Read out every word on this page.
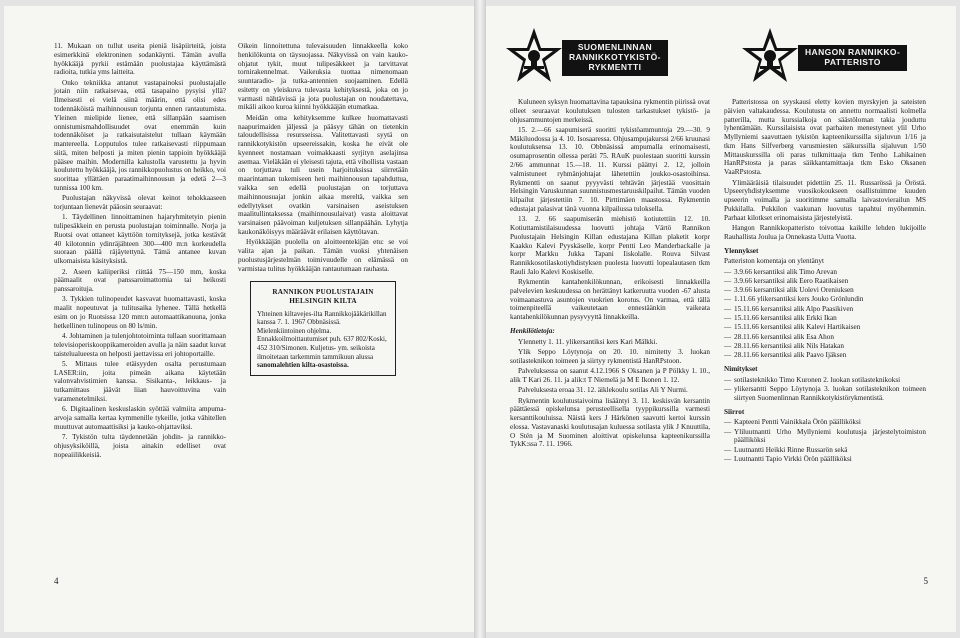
11. Mukaan on tullut useita pieniä lisäpiirteitä, joista esimerkkinä elektroninen sodankäynti. Tämän avulla hyökkääjä pyrkii estämään puolustajaa käyttämästä radioita, tutkia yms laitteita.

Onko tekniikka antanut vastapainoksi puolustajalle jotain niin ratkaisevaa, että tasapaino pysyisi yllä? Ilmeisesti ei vielä siinä määrin, että olisi edes todennäköistä maihinnousun torjunta ennen rantautumista. Yleinen mielipide lienee, että sillanpään saamisen onnistumismahdollisuudet ovat enemmän kuin todennäköiset ja ratkaisutaistelut tullaan käymään mantereella. Lopputulos tulee ratkaisevasti riippumaan siitä, miten helposti ja miten pienin tappioin hyökkääjä pääsee maihin. Modernilla kalustolla varustettu ja hyvin koulutettu hyökkääjä, jos rannikkopuolustus on heikko, voi suorittaa yllättäen paraatimaihinnousun ja edetä 2—3 tunnissa 100 km.

Puolustajan näkyvissä olevat keinot tehokkaaseen torjuntaan lienevät pääosin seuraavat:

1. Täydellinen linnoittaminen hajaryhmitetyin pienin tulipesäkkein en perusta puolustajan toiminnalle. Norja ja Ruotsi ovat ottaneet käyttöön tornityksejä, jotka kestävät 40 kilotonnin ydinräjähteen 300—400 m:n korkeudella suoraan päällä räjäytettynä. Tämä antanee kuvan ulkomaisista käsityksistä.

2. Aseen kaliiperiksi riittää 75—150 mm, koska päämaalit ovat panssaroimattomia tai heikosti panssaroituja.

3. Tykkien tulinopeudet kasvavat huomattavasti, koska maalit nopeutuvat ja tulitusaika lyhenee. Tällä hetkellä esim on jo Ruotsissa 120 mm:n automaattikanuuna, jonka hetkellinen tulinopeus on 80 ls/min.

4. Johtaminen ja tulenjohtotoiminta tullaan suorittamaan televisioperiskooppikameroiden avulla ja näin saadut kuvat taistelualueesta on helposti jaettavissa eri johtoportaille.

5. Mittaus tulee etäisyyden osalta perustumaan LASER:iin, joita pimeän aikana käytetään valonvahvistimien kanssa. Sisikanta-, leikkaus- ja tutkamittaus jäävät liian hauvoittuvina vain varamenetelmiksi.

6. Digitaalinen keskuslaskin syöttää valmiita ampuma-arvoja samalla kertaa kymmenille tykeille, jotka vähitellen muuttuvat automaattisiksi ja kauko-ohjattaviksi.

7. Tykistön tulta täydennetään johdin- ja rannikko-ohjusyksiköillä, joista ainakin edelliset ovat nopeaiilikkeisiä.

Oikein linnoitettuna tulevaisuuden linnakkeella koko henkilökunta on täysuojassa. Näkyvissä on vain kauko-ohjatut tykit, muut tulipesäkkeet ja tarvittavat tornirakennelmat. Vaikeuksia tuottaa nimenomaan suuntaradio- ja tutka-antennien suojaaminen. Edellä esitetty on yleiskuva tulevasta kehityksestä, joka on jo varmasti nähtävissä ja jota puolustajan on noudatettava, mikäli aikoo kuroa kiinni hyökkääjän etumatkaa.

Meidän oma kehityksemme kulkee huomattavasti naapurimaiden jäljessä ja pääsyy tähän on tietenkin taloudellisissa resursseissa. Valitettavasti syytä on rannikkotykistön upseereissakin, koska he eivät ole kyenneet nostamaan voimakkaasti syrjityn aselajinsa asemaa. Vieläkään ei yleisesti tajuta, että vihollista vastaan on torjuttava tuli usein harjoituksissa siirretään maarintaman tukemiseen heti maihinnousun tapahduttua, vaikka sen edellä puolustajan on torjuttava maihinnousuajat jonkin aikaa mereltä, vaikka sen edellytykset ovatkin varsinaisen aseistuksen maalitullintaksessa (maihinnousulaivat) vasta aloittavat varsinaisen päävoiman kuljetuksen sillanpäähän. Lyhytja kaukonäköisyys määräävät erilaisen käyttötavan.

Hyökkääjän puolella on aloitteentekijän etu: se voi valita ajan ja paikan. Tämän vuoksi yhtenäisen puolustusjärjestelmän toimivuudelle on elämässä on varmistaa tulitus hyökkääjän rantautumaan rauhasta.

RANNIKON PUOLUSTAJAIN
HELSINGIN KILTA

Yhteinen kiltavejes-ilta Rannikkojääkärikillan kanssa 7. 1. 1967 Obbnäsissä. Mielenkiintoinen ohjelma. Ennakkoilmoittautumiset puh. 637 802/Koski, 452 310/Simonen. Kuljetus- ym. seikoista ilmoitetaan tarkemmin tammikuun alussa sanomalehtien kilta-osastoissa.

4
SUOMENLINNAN
RANNIKKOTYKISTÖ-
RYKMENTTI
HANGON RANNIKKO-
PATTERISTO

Kuluneen syksyn huomattavina tapauksina rykmentin piirissä ovat olleet seuraavat koulutuksen tulosten tarkastukset tykistö- ja ohjusammuntojen merkeissä.

15. 2.—66 saapumiserä suoritti tykistöammuntoja 29.—30. 9 Mäkiluodossa ja 4. 10. Isosaaressa. Ohjusampujakurssi 2/66 kruunasi koulutuksensa 13. 10. Obbnäsissä ampumalla erinomaisesti, osumaprosentin ollessa peräti 75. RAuK puolestaan suoritti kurssin 2/66 ammunnat 15.—18. 11. Kurssi päättyi 2. 12, jolloin valmistuneet ryhmänjohtajat lähetettiin joukko-osastoihinsa. Rykmentti on saanut pyyyvästi tehtävän järjestää vuosittain Helsingin Varuskunnan suunnistusmestaruuskilpailut. Tämän vuoden kilpailut järjestettiin 7. 10. Pirttimäen maastossa. Rykmentin edustajat palasivat tänä vuonna kilpailussa tuloksella.

13. 2. 66 saapumiserän miehistö kotiutettiin 12. 10. Kotiuttamistilaisuudessa luovutti johtaja Värtö Rannikon Puolustajain Helsingin Killan edustajana Killan plaketit korpr Kaakko Kalevi Pyyskäselle, korpr Pentti Leo Manderbackalle ja korpr Markku Jukka Tapani Iiskolalle. Rouva Silvast Rannikkosotilaskotiyhdistyksen puolesta luovutti lopealautasen tkm Rauli Jalo Kalevi Koskiselle.

Rykmentin kantahenkilökunnan, erikoisesti linnakkeilla palvelevien keskuudessa on herättänyt katkeruutta vuoden -67 alusta voimaanastuva asuntojen vuokrien korotus. On varmaa, että tällä toimenpiteellä vaikeutetaan ennestäänkin vaikeata kantahenkilökunnan pysyvyyttä linnakkeilla.

Henkilötietoja:

Ylennetty 1. 11. ylikersantiksi kers Kari Mälkki.

Ylik Seppo Löytynoja on 20. 10. nimitetty 3. luokan sotilasteknikon toimeen ja siirtyy rykmentistä HanRPstoon.

Palveluksessa on saanut 4.12.1966 S Oksanen ja P Pölkky 1. 10., alik T Kari 26. 11. ja alik:t T Niemelä ja M E Ikonen 1. 12.

Palveluksesta eroaa 31. 12. äiklekoulu sotilas Ali Y Nurmi.

Rykmentin koulutustaivoima lisääntyi 3. 11. keskisvän kersantin päättäessä opiskelunsa perusteellisella tyyppikurssilla varmesti kersanttikouluissa. Näistä kers J Härkönen saavutti kertoi kurssin elossa. Vastavanaski koulutusajan kuluessa sotilasta ylik J Knuuttila, O Stén ja M Suominen aloittivat opiskelunsa kapteenikurssilla TykK:ssa 7. 11. 1966.

Patteristossa on syyskausi eletty kovien myrskyjen ja sateisten päivien valtakaudessa. Koulutusta on annettu normaalisti kolmella patterilla, mutta kurssialkoja on säästöloman takia jouduttu lyhentämään. Kurssilaisista ovat parhaiten menestyneet ylil Urho Myllyniemi saavuttaen tykistön kapteenikurssilla sijaluvun 1/16 ja tkm Hans Silfverberg varusmiesten säikurssilla sijaluvun 1/50 Mittauskurssilla oli paras tulkmittaaja tkm Tenho Lahikainen HanRPstosta ja paras säikkantamittaaja tkm Esko Oksanen VaaRPstosta.

Ylimääräisiä tilaisuudet pidettiin 25. 11. Russarössä ja Öröstä. Upseeryhdistyksemme vuosikokoukseen osallistuimme kuuden upseerin voimalla ja suoritimme samalla laivastovierailun MS Pukkilalla. Pukkilon vaakunan luovutus tapahtui myöhemmin. Parhaat kilotkset erinomaisista järjestelyistä.

Hangon Rannikkopatteristo toivottaa kaikille lehden lukijoille Rauhallista Joulua ja Onnekasta Uutta Vuotta.

Ylennykset

Patteriston komentaja on ylentänyt

— 3.9.66 kersantiksi alik Timo Arevan
— 3.9.66 kersantiksi alik Eero Raatikaisen
— 3.9.66 kersantiksi alik Uolevi Oreniuksen
— 1.11.66 ylikersantiksi kers Jouko Grönlundin
— 15.11.66 kersantiksi alik Alpo Paasikiven
— 15.11.66 kersantiksi alik Erkki Ikan
— 15.11.66 kersantiksi alik Kalevi Hartikaisen
— 28.11.66 kersantiksi alik Esa Ahon
— 28.11.66 kersantiksi alik Nils Hatakan
— 28.11.66 kersantiksi alik Paavo Ijäksen
Nimitykset
— sotilasteknikko Timo Kuronen 2. luokan sotilasteknikoksi
— ylikersantti Seppo Löytynoja 3. luokan sotilasteknikon toimeen siirtyen Suomenlinnan Rannikkotykistörykmentistä.
Siirrot
— Kapteeni Pentti Vainikkala Örön päälliköksi
— Yliluutnantti Urho Myllyniemi koulutusja järjestelytoimiston päälliköksi
— Luutnantti Heikki Rinne Russarön sekä
— Luutnantti Tapio Virkki Örön päälliköksi
5
